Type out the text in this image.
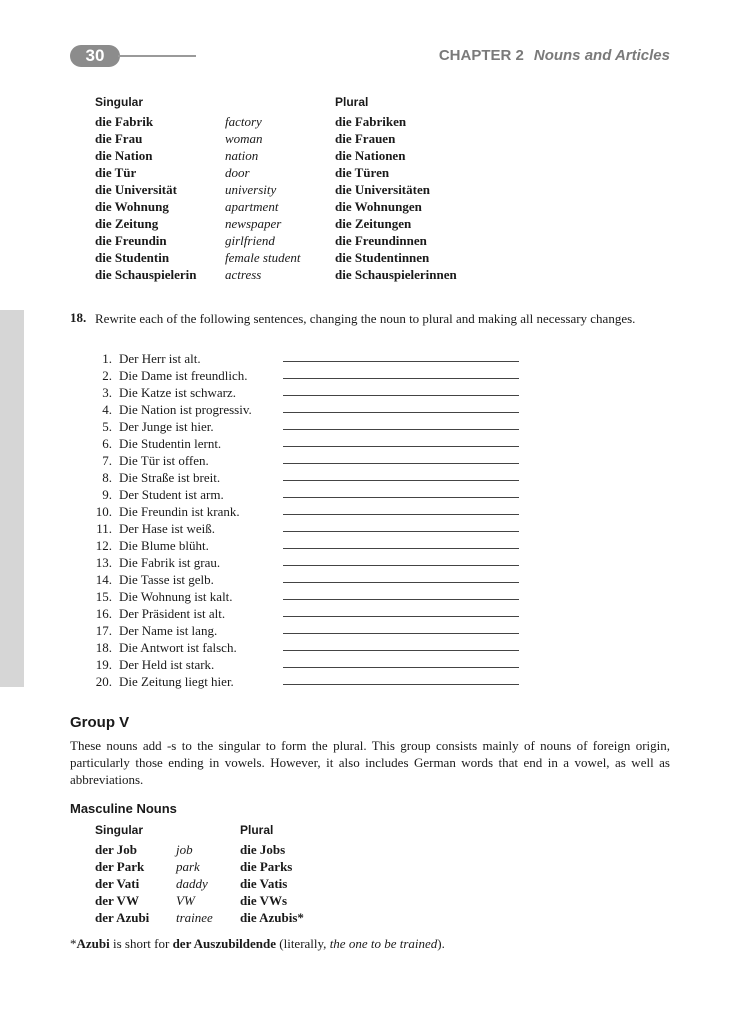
30	CHAPTER 2 Nouns and Articles
Singular	Plural
die Fabrik	factory	die Fabriken
die Frau	woman	die Frauen
die Nation	nation	die Nationen
die Tür	door	die Türen
die Universität	university	die Universitäten
die Wohnung	apartment	die Wohnungen
die Zeitung	newspaper	die Zeitungen
die Freundin	girlfriend	die Freundinnen
die Studentin	female student	die Studentinnen
die Schauspielerin actress	die Schauspielerinnen
18. Rewrite each of the following sentences, changing the noun to plural and making all necessary changes.
1. Der Herr ist alt.
2. Die Dame ist freundlich.
3. Die Katze ist schwarz.
4. Die Nation ist progressiv.
5. Der Junge ist hier.
6. Die Studentin lernt.
7. Die Tür ist offen.
8. Die Straße ist breit.
9. Der Student ist arm.
10. Die Freundin ist krank.
11. Der Hase ist weiß.
12. Die Blume blüht.
13. Die Fabrik ist grau.
14. Die Tasse ist gelb.
15. Die Wohnung ist kalt.
16. Der Präsident ist alt.
17. Der Name ist lang.
18. Die Antwort ist falsch.
19. Der Held ist stark.
20. Die Zeitung liegt hier.
Group V
These nouns add -s to the singular to form the plural. This group consists mainly of nouns of foreign origin, particularly those ending in vowels. However, it also includes German words that end in a vowel, as well as abbreviations.
Masculine Nouns
Singular	Plural
der Job	job	die Jobs
der Park park	die Parks
der Vati	daddy die Vatis
der VW	VW	die VWs
der Azubi trainee die Azubis*
*Azubi is short for der Auszubildende (literally, the one to be trained).
